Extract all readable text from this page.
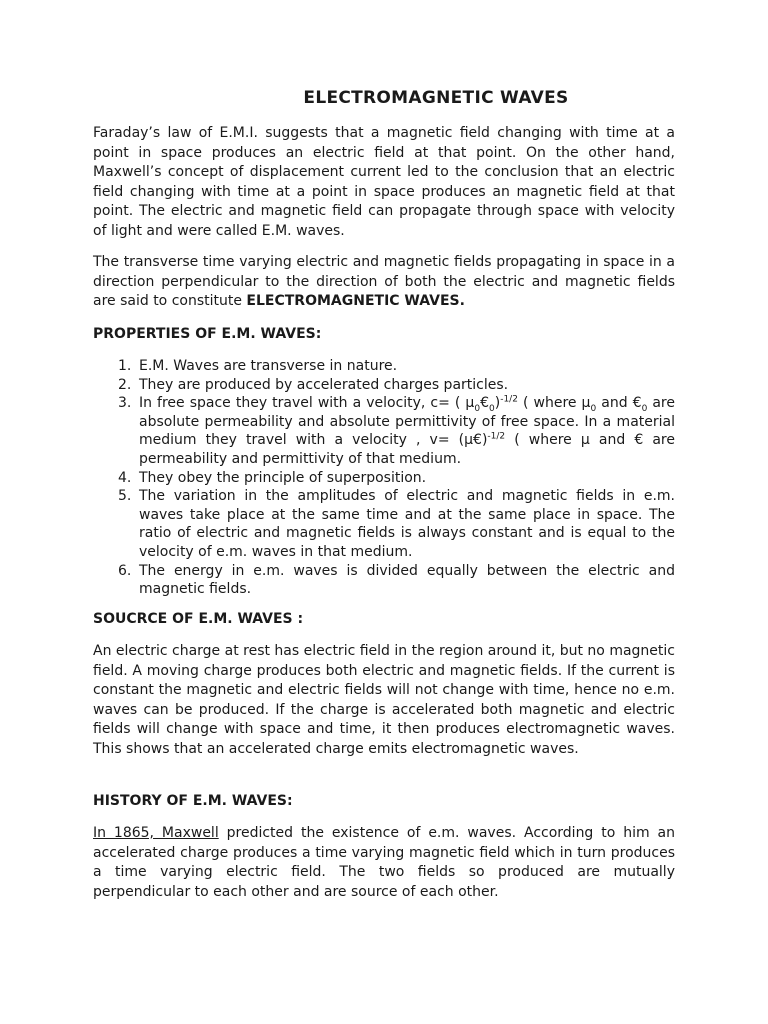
ELECTROMAGNETIC WAVES

Faraday’s law of E.M.I. suggests that a magnetic field changing with time at a point in space produces an electric field at that point. On the other hand, Maxwell’s concept of displacement current led to the conclusion that an electric field changing with time at a point in space produces an magnetic field at that point. The electric and magnetic field can propagate through space with velocity of light and were called E.M. waves.

The transverse time varying electric and magnetic fields propagating in space in a direction perpendicular to the direction of both the electric and magnetic fields are said to constitute ELECTROMAGNETIC WAVES.

PROPERTIES OF E.M. WAVES:
1. E.M. Waves are transverse in nature.
2. They are produced by accelerated charges particles.
3. In free space they travel with a velocity, c= ( $\mu_0€_0)^{-1/2}$ ( where µ$_0$ and $€_0$ are absolute permeability and absolute permittivity of free space. In a material medium they travel with a velocity , v= (µ€)$^{-1/2}$ ( where µ and € are permeability and permittivity of that medium.
4. They obey the principle of superposition.
5. The variation in the amplitudes of electric and magnetic fields in e.m. waves take place at the same time and at the same place in space. The ratio of electric and magnetic fields is always constant and is equal to the velocity of e.m. waves in that medium.
6. The energy in e.m. waves is divided equally between the electric and magnetic fields.
SOUCRCE OF E.M. WAVES :

An electric charge at rest has electric field in the region around it, but no magnetic field. A moving charge produces both electric and magnetic fields. If the current is constant the magnetic and electric fields will not change with time, hence no e.m. waves can be produced. If the charge is accelerated both magnetic and electric fields will change with space and time, it then produces electromagnetic waves. This shows that an accelerated charge emits electromagnetic waves.

HISTORY OF E.M. WAVES:

In 1865, Maxwell predicted the existence of e.m. waves. According to him an accelerated charge produces a time varying magnetic field which in turn produces a time varying electric field. The two fields so produced are mutually perpendicular to each other and are source of each other.
